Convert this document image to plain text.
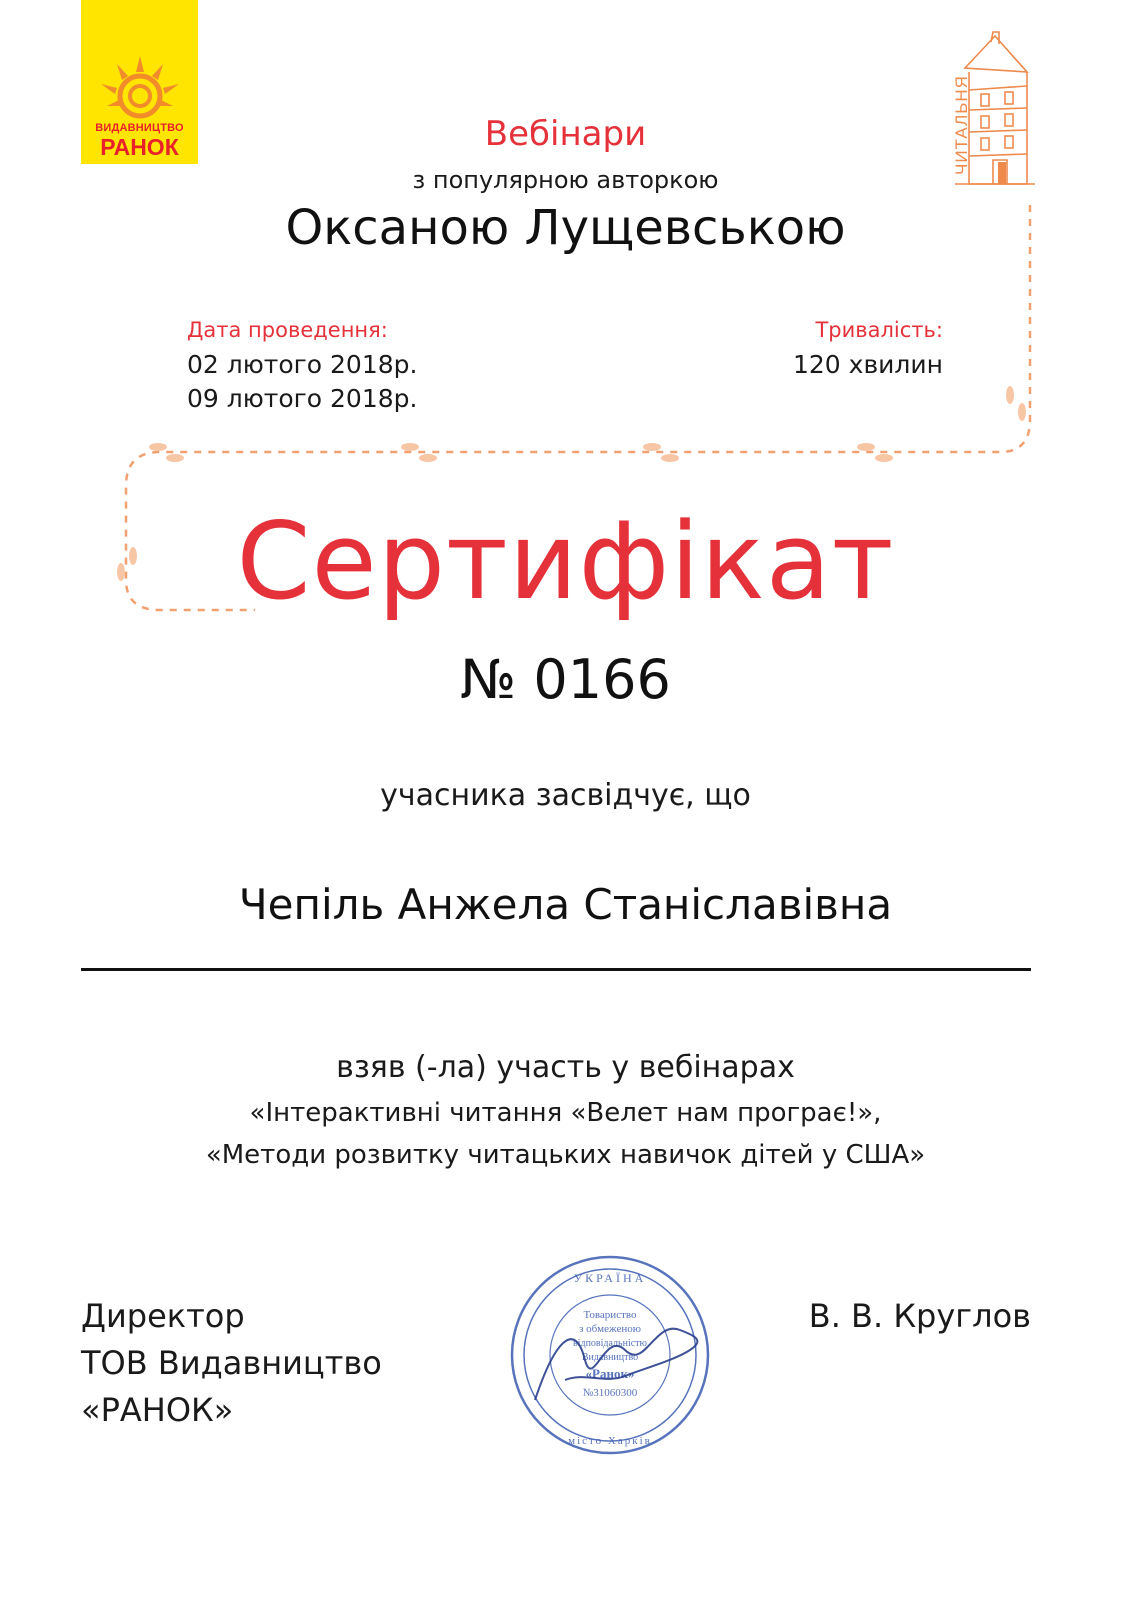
ВИДАВНИЦТВО
РАНОК	ЧИТАЛЬНЯ
Вебінари
з популярною авторкою
Оксаною Лущевською
Дата проведення:
02 лютого 2018р.
09 лютого 2018р.
Тривалість:
120 хвилин
Сертифікат
№ 0166
учасника засвідчує, що
Чепіль Анжела Станіславівна
взяв (-ла) участь у вебінарах
«Інтерактивні читання «Велет нам програє!»,
«Методи розвитку читацьких навичок дітей у США»
Директор
ТОВ Видавництво
«РАНОК»
В. В. Круглов
УКРАЇНА
Товариство
з обмеженою
відповідальністю
Видавництво
«Ранок»
№31060300
місто Харків
